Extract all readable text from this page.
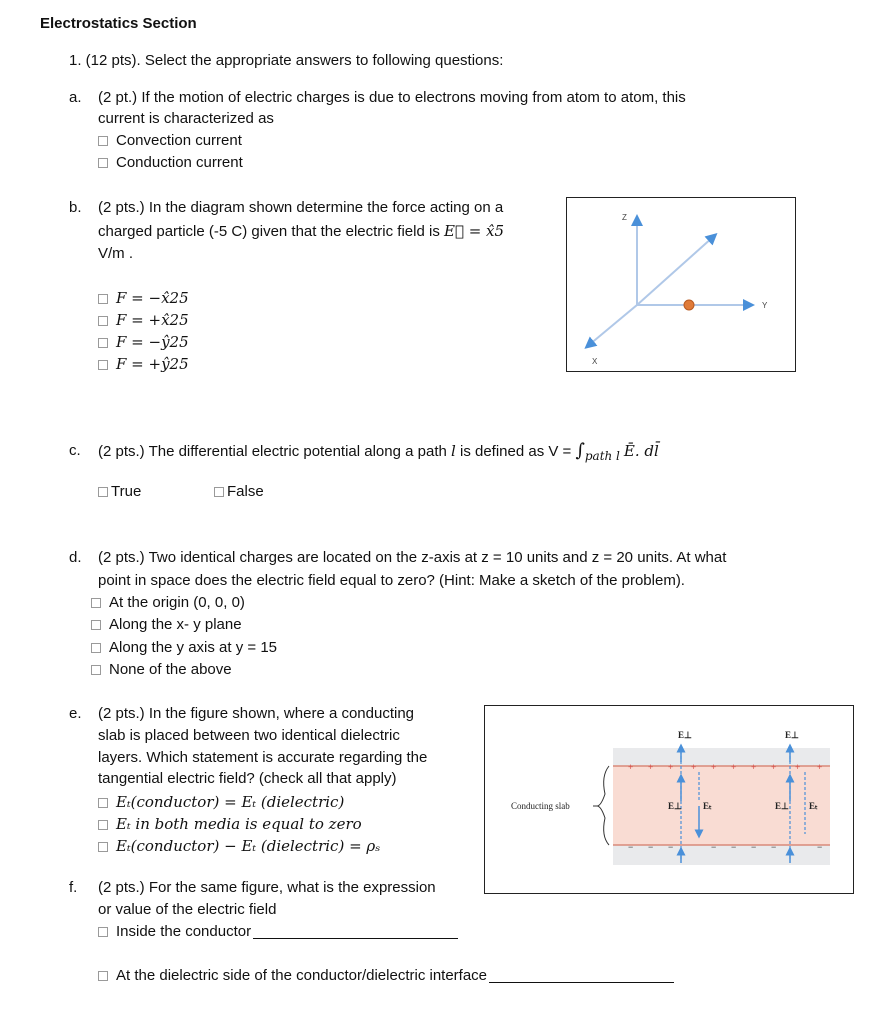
Electrostatics Section
1. (12 pts). Select the appropriate answers to following questions:
a. (2 pt.) If the motion of electric charges is due to electrons moving from atom to atom, this
current is characterized as
Convection current
Conduction current
b. (2 pts.) In the diagram shown determine the force acting on a
charged particle (-5 C) given that the electric field is E⃗ = x̂5
V/m .
F = −x̂25
F = +x̂25
F = −ŷ25
F = +ŷ25
Z
Y
X
c. (2 pts.) The differential electric potential along a path l is defined as $V = \int_{path l}$ Ē. dl̄
True	False
d. (2 pts.) Two identical charges are located on the z-axis at z = 10 units and z = 20 units. At what
point in space does the electric field equal to zero? (Hint: Make a sketch of the problem).
At the origin (0, 0, 0)
Along the x- y plane
Along the y axis at y = 15
None of the above
e. (2 pts.) In the figure shown, where a conducting
slab is placed between two identical dielectric
layers. Which statement is accurate regarding the
tangential electric field? (check all that apply)
Eₜ(conductor) = Eₜ (dielectric)
Eₜ in both media is equal to zero
Eₜ(conductor) − Eₜ (dielectric) = ρₛ
Conducting slab
+ + + + + + + + + +
− − −	− − − −	−
E⊥
E⊥ Eₜ
E⊥
E⊥ Eₜ
f. (2 pts.) For the same figure, what is the expression
or value of the electric field
Inside the conductor
At the dielectric side of the conductor/dielectric interface
